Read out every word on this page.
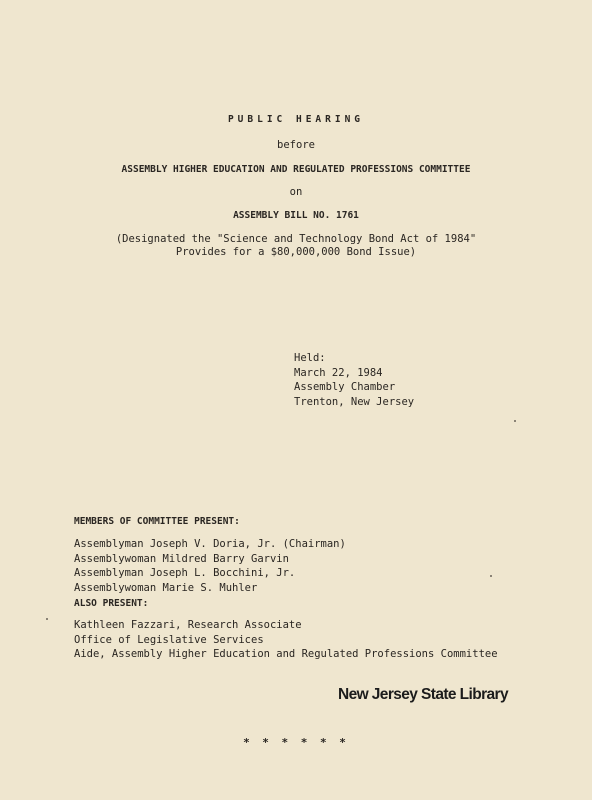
PUBLIC HEARING
before
ASSEMBLY HIGHER EDUCATION AND REGULATED PROFESSIONS COMMITTEE
on
ASSEMBLY BILL NO. 1761
(Designated the "Science and Technology Bond Act of 1984"
Provides for a $80,000,000 Bond Issue)
Held:
March 22, 1984
Assembly Chamber
Trenton, New Jersey
MEMBERS OF COMMITTEE PRESENT:
Assemblyman Joseph V. Doria, Jr. (Chairman)
Assemblywoman Mildred Barry Garvin
Assemblyman Joseph L. Bocchini, Jr.
Assemblywoman Marie S. Muhler
ALSO PRESENT:
Kathleen Fazzari, Research Associate
Office of Legislative Services
Aide, Assembly Higher Education and Regulated Professions Committee
New Jersey State Library
* * * * * *
